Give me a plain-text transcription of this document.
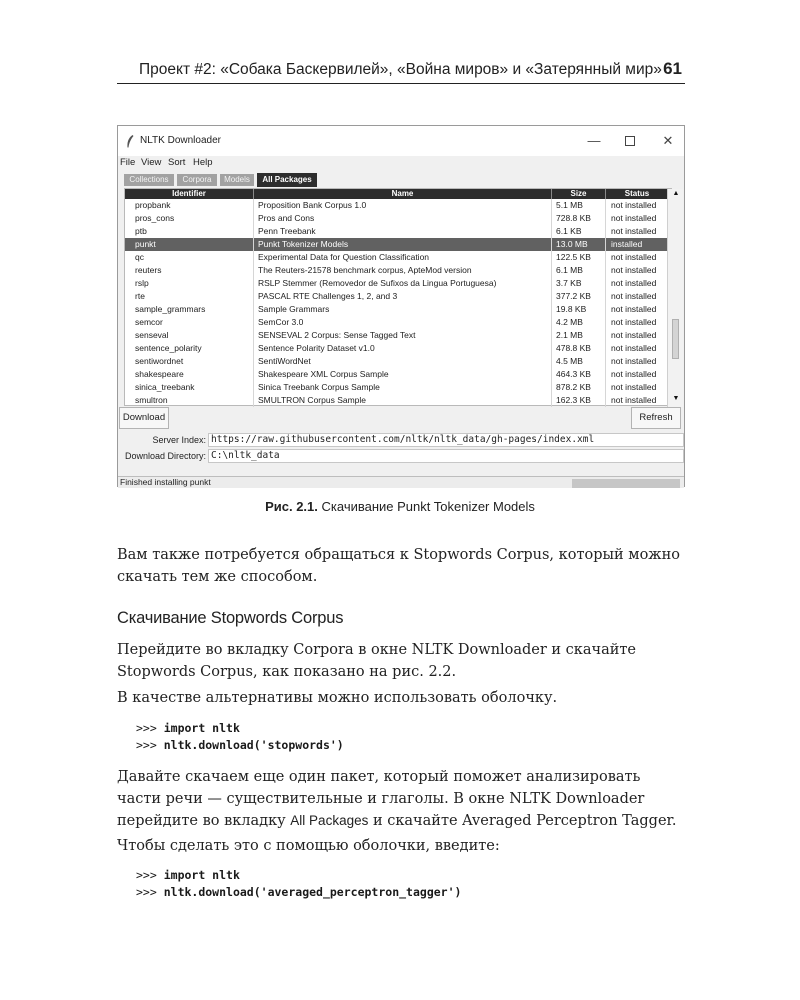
Проект #2: «Собака Баскервилей», «Война миров» и «Затерянный мир» 61
NLTK Downloader	—	✕
File View Sort Help
Collections	Corpora	Models	All Packages
Identifier	Name	Size	Status
propbank	Proposition Bank Corpus 1.0	5.1 MB	not installed
pros_cons	Pros and Cons	728.8 KB not installed
ptb	Penn Treebank	6.1 KB	not installed
punkt	Punkt Tokenizer Models	13.0 MB	installed
qc	Experimental Data for Question Classification	122.5 KB not installed
reuters	The Reuters-21578 benchmark corpus, ApteMod version	6.1 MB	not installed
rslp	RSLP Stemmer (Removedor de Sufixos da Lingua Portuguesa)	3.7 KB	not installed
rte	PASCAL RTE Challenges 1, 2, and 3	377.2 KB not installed
sample_grammars	Sample Grammars	19.8 KB	not installed
semcor	SemCor 3.0	4.2 MB	not installed
senseval	SENSEVAL 2 Corpus: Sense Tagged Text	2.1 MB	not installed
sentence_polarity	Sentence Polarity Dataset v1.0	478.8 KB not installed
sentiwordnet	SentiWordNet	4.5 MB	not installed
shakespeare	Shakespeare XML Corpus Sample	464.3 KB not installed
sinica_treebank	Sinica Treebank Corpus Sample	878.2 KB not installed
smultron	SMULTRON Corpus Sample	162.3 KB not installed
▲
▼
Download	Refresh
Server Index: https://raw.githubusercontent.com/nltk/nltk_data/gh-pages/index.xml
Download Directory: C:\nltk_data
Finished installing punkt
Рис. 2.1. Скачивание Punkt Tokenizer Models

Вам также потребуется обращаться к Stopwords Corpus, который можно скачать тем же способом.

Скачивание Stopwords Corpus

Перейдите во вкладку Corpora в окне NLTK Downloader и скачайте Stopwords Corpus, как показано на рис. 2.2.

В качестве альтернативы можно использовать оболочку.

>>> import nltk
>>> nltk.download('stopwords')

Давайте скачаем еще один пакет, который поможет анализировать части речи — существительные и глаголы. В окне NLTK Downloader перейдите во вкладку All Packages и скачайте Averaged Perceptron Tagger.

Чтобы сделать это с помощью оболочки, введите:

>>> import nltk
>>> nltk.download('averaged_perceptron_tagger')
